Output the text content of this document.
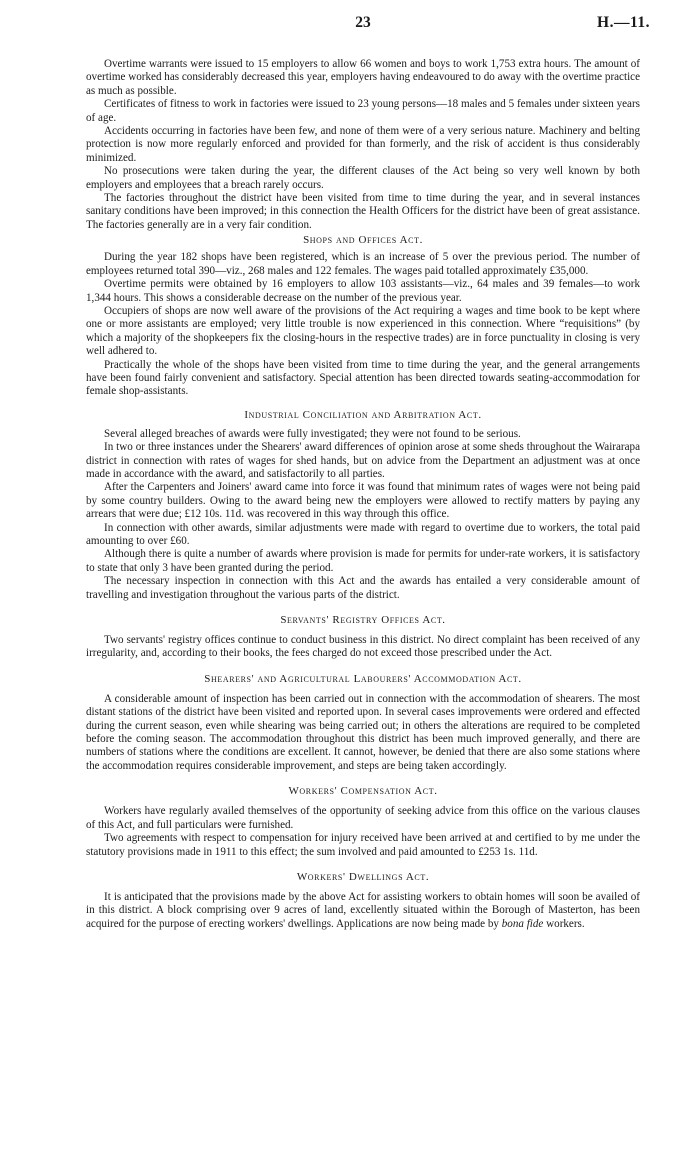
23	H.—11.

Overtime warrants were issued to 15 employers to allow 66 women and boys to work 1,753 extra hours. The amount of overtime worked has considerably decreased this year, employers having endeavoured to do away with the overtime practice as much as possible.

Certificates of fitness to work in factories were issued to 23 young persons—18 males and 5 females under sixteen years of age.

Accidents occurring in factories have been few, and none of them were of a very serious nature. Machinery and belting protection is now more regularly enforced and provided for than formerly, and the risk of accident is thus considerably minimized.

No prosecutions were taken during the year, the different clauses of the Act being so very well known by both employers and employees that a breach rarely occurs.

The factories throughout the district have been visited from time to time during the year, and in several instances sanitary conditions have been improved; in this connection the Health Officers for the district have been of great assistance. The factories generally are in a very fair condition.

Shops and Offices Act.

During the year 182 shops have been registered, which is an increase of 5 over the previous period. The number of employees returned total 390—viz., 268 males and 122 females. The wages paid totalled approximately £35,000.

Overtime permits were obtained by 16 employers to allow 103 assistants—viz., 64 males and 39 females—to work 1,344 hours. This shows a considerable decrease on the number of the previous year.

Occupiers of shops are now well aware of the provisions of the Act requiring a wages and time book to be kept where one or more assistants are employed; very little trouble is now experienced in this connection. Where “requisitions” (by which a majority of the shopkeepers fix the closing-hours in the respective trades) are in force punctuality in closing is very well adhered to.

Practically the whole of the shops have been visited from time to time during the year, and the general arrangements have been found fairly convenient and satisfactory. Special attention has been directed towards seating-accommodation for female shop-assistants.

Industrial Conciliation and Arbitration Act.

Several alleged breaches of awards were fully investigated; they were not found to be serious.

In two or three instances under the Shearers' award differences of opinion arose at some sheds throughout the Wairarapa district in connection with rates of wages for shed hands, but on advice from the Department an adjustment was at once made in accordance with the award, and satisfactorily to all parties.

After the Carpenters and Joiners' award came into force it was found that minimum rates of wages were not being paid by some country builders. Owing to the award being new the employers were allowed to rectify matters by paying any arrears that were due; £12 10s. 11d. was recovered in this way through this office.

In connection with other awards, similar adjustments were made with regard to overtime due to workers, the total paid amounting to over £60.

Although there is quite a number of awards where provision is made for permits for under-rate workers, it is satisfactory to state that only 3 have been granted during the period.

The necessary inspection in connection with this Act and the awards has entailed a very considerable amount of travelling and investigation throughout the various parts of the district.

Servants' Registry Offices Act.

Two servants' registry offices continue to conduct business in this district. No direct complaint has been received of any irregularity, and, according to their books, the fees charged do not exceed those prescribed under the Act.

Shearers' and Agricultural Labourers' Accommodation Act.

A considerable amount of inspection has been carried out in connection with the accommodation of shearers. The most distant stations of the district have been visited and reported upon. In several cases improvements were ordered and effected during the current season, even while shearing was being carried out; in others the alterations are required to be completed before the coming season. The accommodation throughout this district has been much improved generally, and there are numbers of stations where the conditions are excellent. It cannot, however, be denied that there are also some stations where the accommodation requires considerable improvement, and steps are being taken accordingly.

Workers' Compensation Act.

Workers have regularly availed themselves of the opportunity of seeking advice from this office on the various clauses of this Act, and full particulars were furnished.

Two agreements with respect to compensation for injury received have been arrived at and certified to by me under the statutory provisions made in 1911 to this effect; the sum involved and paid amounted to £253 1s. 11d.

Workers' Dwellings Act.

It is anticipated that the provisions made by the above Act for assisting workers to obtain homes will soon be availed of in this district. A block comprising over 9 acres of land, excellently situated within the Borough of Masterton, has been acquired for the purpose of erecting workers' dwellings. Applications are now being made by bona fide workers.
